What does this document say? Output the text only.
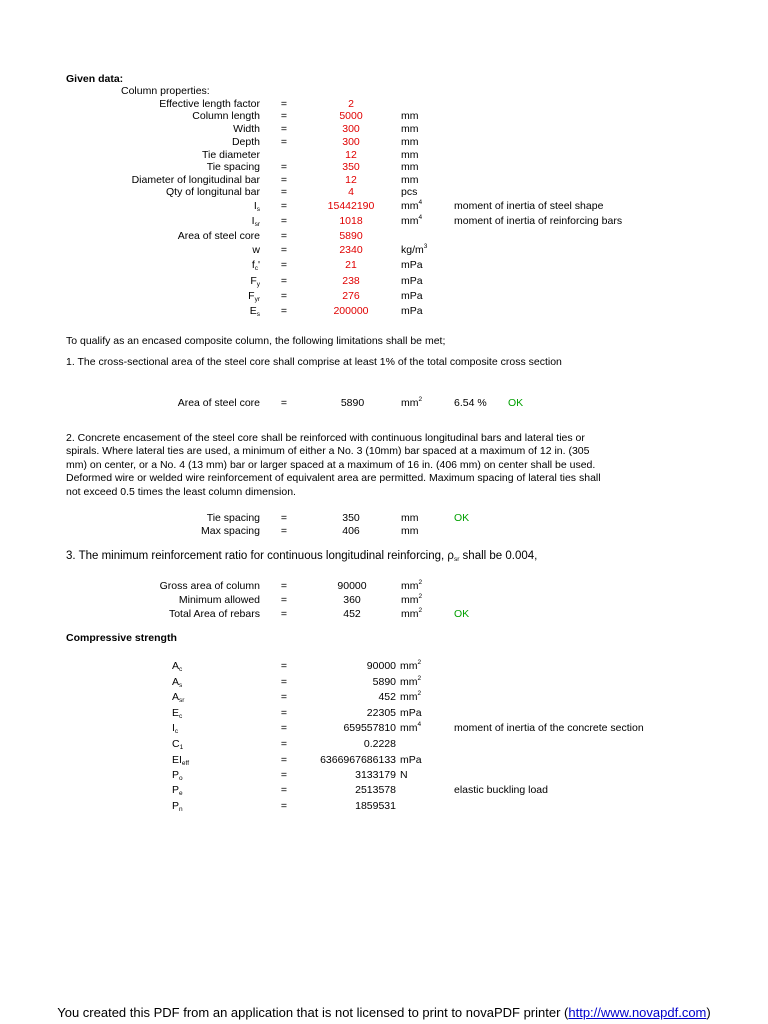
Given data:
Column properties:
Effective length factor =	2
Column length =	5000	mm
Width =	300	mm
Depth =	300	mm
Tie diameter	12	mm
Tie spacing =	350	mm
Diameter of longitudinal bar =	12	mm
Qty of longitunal bar =	4	pcs
$I_s$ =	15442190	$mm^4$	moment of inertia of steel shape
$I_{sr}$ =	1018	$mm^4$	moment of inertia of reinforcing bars
Area of steel core =	5890
w =	2340	$kg/m^3$
$f_c'$ =	21	mPa
$F_y$ =	238	mPa
$F_{yr}$ =	276	mPa
$E_s$ =	200000	mPa
To qualify as an encased composite column, the following limitations shall be met;
1. The cross-sectional area of the steel core shall comprise at least 1% of the total composite cross section
Area of steel core =	5890	$mm^2$	6.54 % OK
2. Concrete encasement of the steel core shall be reinforced with continuous longitudinal bars and lateral ties or spirals. Where lateral ties are used, a minimum of either a No. 3 (10mm) bar spaced at a maximum of 12 in. (305 mm) on center, or a No. 4 (13 mm) bar or larger spaced at a maximum of 16 in. (406 mm) on center shall be used. Deformed wire or welded wire reinforcement of equivalent area are permitted. Maximum spacing of lateral ties shall not exceed 0.5 times the least column dimension.
Tie spacing =	350	mm	OK
Max spacing =	406	mm
3. The minimum reinforcement ratio for continuous longitudinal reinforcing, $\rho_{sr}$ shall be 0.004,
Gross area of column =	90000	$mm^2$
Minimum allowed =	360	$mm^2$
Total Area of rebars =	452	$mm^2$	OK
Compressive strength
$A_c$	=	90000 $mm^2$
$A_s$	=	5890 $mm^2$
$A_{sr}$	=	452 $mm^2$
$E_c$	=	22305 mPa
$I_c$	=	659557810 $mm^4$	moment of inertia of the concrete section
$C_1$	=	0.2228
$EI_{eff}$	=	6366967686133 mPa
$P_o$	=	3133179 N
$P_e$	=	2513578	elastic buckling load
$P_n$	=	1859531
You created this PDF from an application that is not licensed to print to novaPDF printer (http://www.novapdf.com)
